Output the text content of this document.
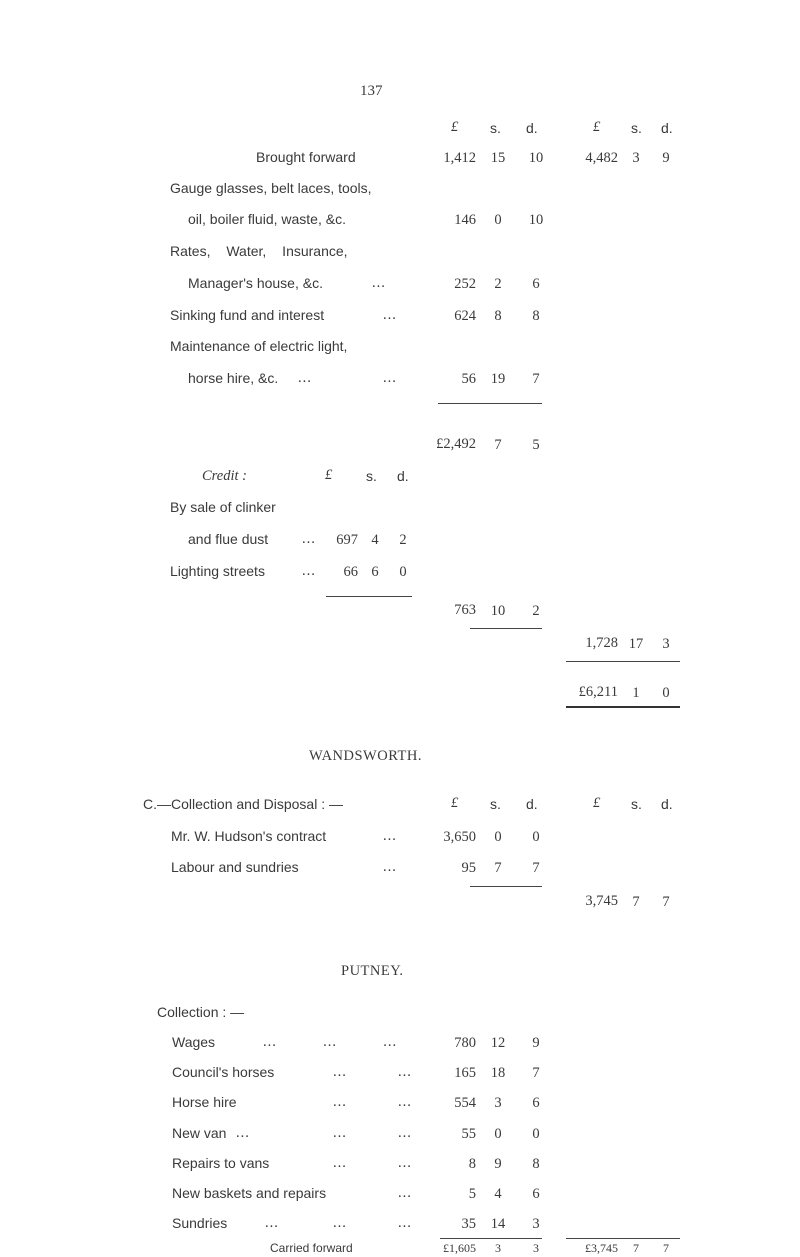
137
£ s. d.	£ s. d.
Brought forward	1,412	15	10	4,482 3	9
Gauge glasses, belt laces, tools,
oil, boiler fluid, waste, &c.	146	0	10
Rates, Water, Insurance,
Manager's house, &c.	...	252	2	6
Sinking fund and interest	...	624	8	8
Maintenance of electric light,
horse hire, &c. ...	...	56	19	7
£2,492	7	5
Credit :	£ s. d.
By sale of clinker
and flue dust ...	697 4	2
Lighting streets	...	66 6	0
763	10	2
1,728 17	3
£6,211 1	0
WANDSWORTH.
C.—Collection and Disposal : —	£ s. d.	£ s. d.
Mr. W. Hudson's contract	...	3,650	0	0
Labour and sundries	...	95	7	7
3,745 7	7
PUTNEY.
Collection : —
Wages	...          ...          ...	780	12	9
Council's horses	...	...	165	18	7
Horse hire	...	...	554	3	6
New van ...	...	...	55	0	0
Repairs to vans	...	...	8	9	8
New baskets and repairs	...	5	4	6
Sundries	...	...	...	35	14	3
Carried forward	£1,605	3	3	£3,745	7	7
